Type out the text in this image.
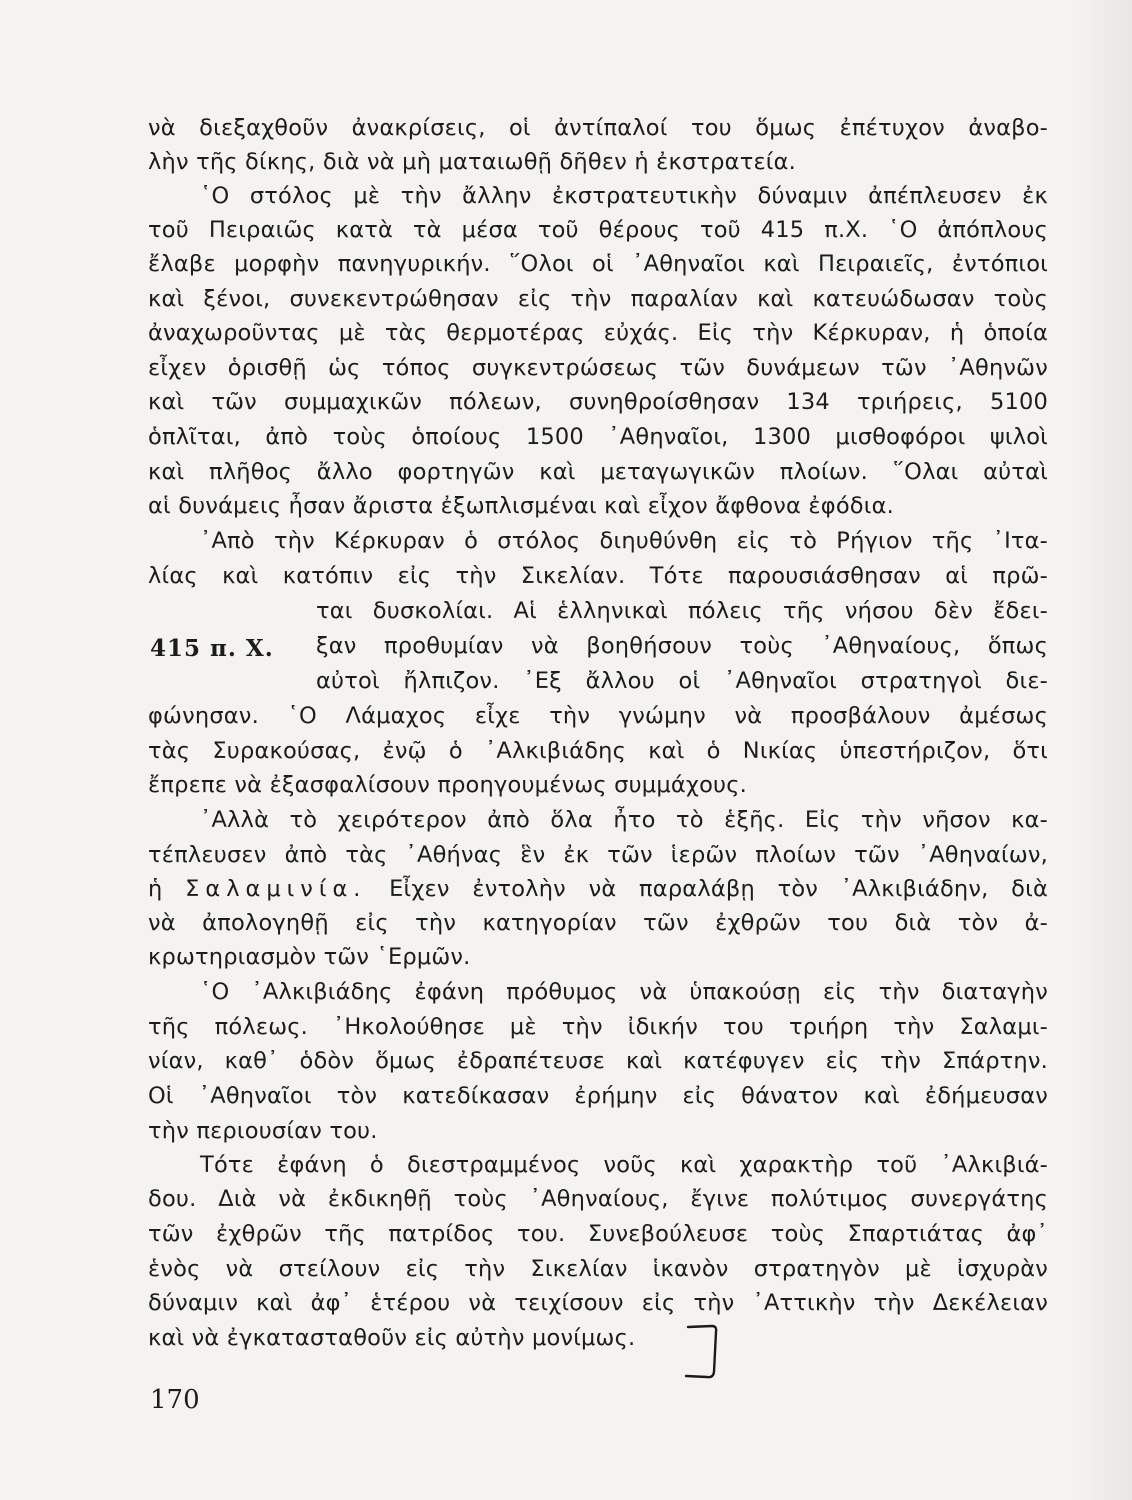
νὰ διεξαχθοῦν ἀνακρίσεις, οἱ ἀντίπαλοί του ὅμως ἐπέτυχον ἀναβο-
λὴν τῆς δίκης, διὰ νὰ μὴ ματαιωθῇ δῆθεν ἡ ἐκστρατεία.
῾Ο στόλος μὲ τὴν ἄλλην ἐκστρατευτικὴν δύναμιν ἀπέπλευσεν ἐκ
τοῦ Πειραιῶς κατὰ τὰ μέσα τοῦ θέρους τοῦ 415 π.Χ. ῾Ο ἀπόπλους
ἔλαβε μορφὴν πανηγυρικήν. ῞Ολοι οἱ ᾿Αθηναῖοι καὶ Πειραιεῖς, ἐντόπιοι
καὶ ξένοι, συνεκεντρώθησαν εἰς τὴν παραλίαν καὶ κατευώδωσαν τοὺς
ἀναχωροῦντας μὲ τὰς θερμοτέρας εὐχάς. Εἰς τὴν Κέρκυραν, ἡ ὁποία
εἶχεν ὁρισθῇ ὡς τόπος συγκεντρώσεως τῶν δυνάμεων τῶν ᾿Αθηνῶν
καὶ τῶν συμμαχικῶν πόλεων, συνηθροίσθησαν 134 τριήρεις, 5100
ὁπλῖται, ἀπὸ τοὺς ὁποίους 1500 ᾿Αθηναῖοι, 1300 μισθοφόροι ψιλοὶ
καὶ πλῆθος ἄλλο φορτηγῶν καὶ μεταγωγικῶν πλοίων. ῞Ολαι αὐταὶ
αἱ δυνάμεις ἦσαν ἄριστα ἐξωπλισμέναι καὶ εἶχον ἄφθονα ἐφόδια.
᾿Απὸ τὴν Κέρκυραν ὁ στόλος διηυθύνθη εἰς τὸ Ρήγιον τῆς ᾿Ιτα-
λίας καὶ κατόπιν εἰς τὴν Σικελίαν. Τότε παρουσιάσθησαν αἱ πρῶ-
ται δυσκολίαι. Αἱ ἑλληνικαὶ πόλεις τῆς νήσου δὲν ἔδει-
415 π. Χ. ξαν προθυμίαν νὰ βοηθήσουν τοὺς ᾿Αθηναίους, ὅπως
αὐτοὶ ἤλπιζον. ᾿Εξ ἄλλου οἱ ᾿Αθηναῖοι στρατηγοὶ διε-
φώνησαν. ῾Ο Λάμαχος εἶχε τὴν γνώμην νὰ προσβάλουν ἀμέσως
τὰς Συρακούσας, ἐνῷ ὁ ᾿Αλκιβιάδης καὶ ὁ Νικίας ὑπεστήριζον, ὅτι
ἔπρεπε νὰ ἐξασφαλίσουν προηγουμένως συμμάχους.
᾿Αλλὰ τὸ χειρότερον ἀπὸ ὅλα ἦτο τὸ ἑξῆς. Εἰς τὴν νῆσον κα-
τέπλευσεν ἀπὸ τὰς ᾿Αθήνας ἓν ἐκ τῶν ἱερῶν πλοίων τῶν ᾿Αθηναίων,
ἡ Σαλαμινία. Εἶχεν ἐντολὴν νὰ παραλάβῃ τὸν ᾿Αλκιβιάδην, διὰ
νὰ ἀπολογηθῇ εἰς τὴν κατηγορίαν τῶν ἐχθρῶν του διὰ τὸν ἀ-
κρωτηριασμὸν τῶν ῾Ερμῶν.
῾Ο ᾿Αλκιβιάδης ἐφάνη πρόθυμος νὰ ὑπακούσῃ εἰς τὴν διαταγὴν
τῆς πόλεως. ᾿Ηκολούθησε μὲ τὴν ἰδικήν του τριήρη τὴν Σαλαμι-
νίαν, καθ᾿ ὁδὸν ὅμως ἐδραπέτευσε καὶ κατέφυγεν εἰς τὴν Σπάρτην.
Οἱ ᾿Αθηναῖοι τὸν κατεδίκασαν ἐρήμην εἰς θάνατον καὶ ἐδήμευσαν
τὴν περιουσίαν του.
Τότε ἐφάνη ὁ διεστραμμένος νοῦς καὶ χαρακτὴρ τοῦ ᾿Αλκιβιά-
δου. Διὰ νὰ ἐκδικηθῇ τοὺς ᾿Αθηναίους, ἔγινε πολύτιμος συνεργάτης
τῶν ἐχθρῶν τῆς πατρίδος του. Συνεβούλευσε τοὺς Σπαρτιάτας ἀφ᾿
ἑνὸς νὰ στείλουν εἰς τὴν Σικελίαν ἱκανὸν στρατηγὸν μὲ ἰσχυρὰν
δύναμιν καὶ ἀφ᾿ ἑτέρου νὰ τειχίσουν εἰς τὴν ᾿Αττικὴν τὴν Δεκέλειαν
καὶ νὰ ἐγκατασταθοῦν εἰς αὐτὴν μονίμως.
170
